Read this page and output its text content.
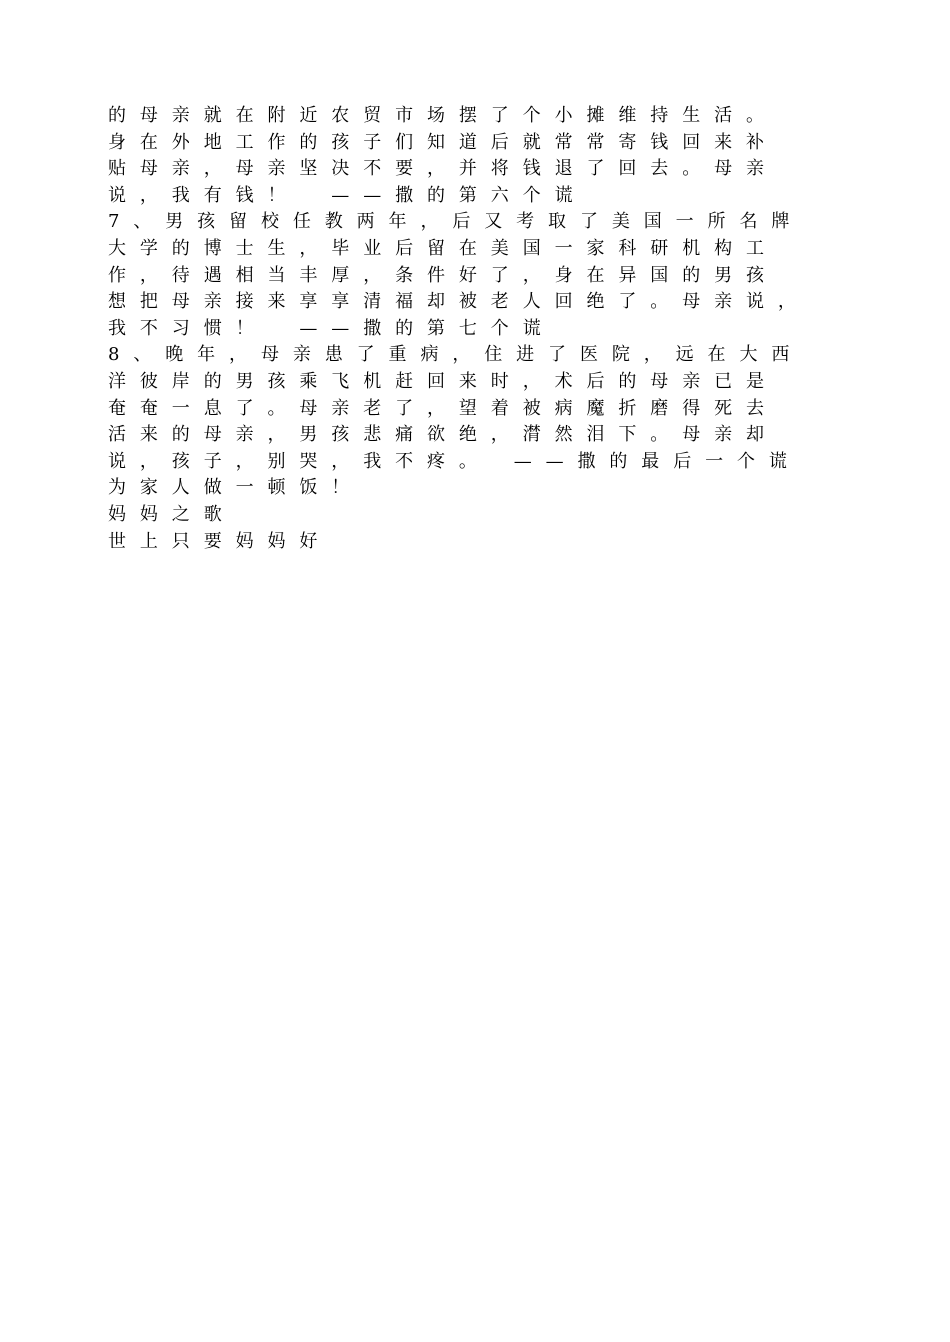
的母亲就在附近农贸市场摆了个小摊维持生活。
身在外地工作的孩子们知道后就常常寄钱回来补
贴母亲，母亲坚决不要，并将钱退了回去。母亲
说，我有钱！　——撒的第六个谎
7、男孩留校任教两年，后又考取了美国一所名牌
大学的博士生，毕业后留在美国一家科研机构工
作，待遇相当丰厚，条件好了，身在异国的男孩
想把母亲接来享享清福却被老人回绝了。母亲说，
我不习惯！　——撒的第七个谎
8、晚年，母亲患了重病，住进了医院，远在大西
洋彼岸的男孩乘飞机赶回来时，术后的母亲已是
奄奄一息了。母亲老了，望着被病魔折磨得死去
活来的母亲，男孩悲痛欲绝，潸然泪下。母亲却
说，孩子，别哭，我不疼。　——撒的最后一个谎
为家人做一顿饭！
妈妈之歌
世上只要妈妈好
